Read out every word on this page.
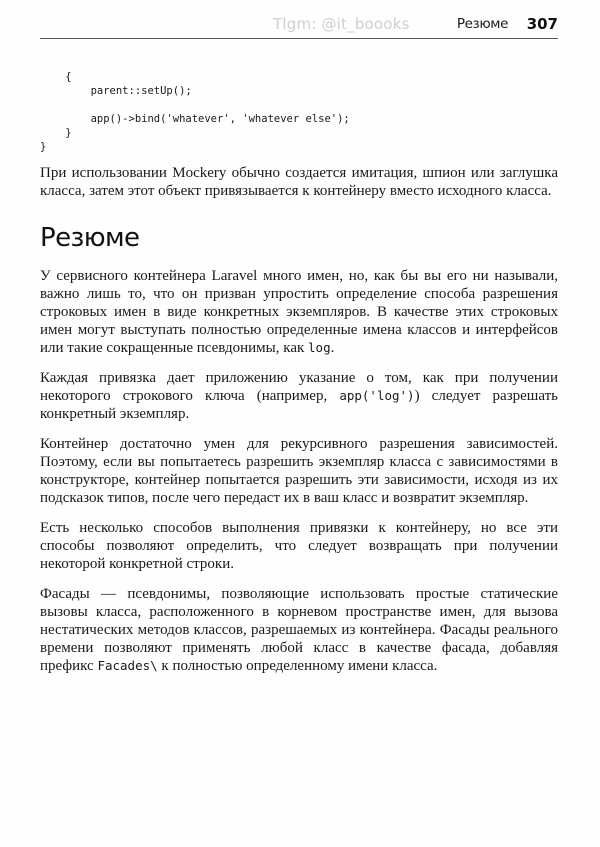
Tlgm: @it_boooks	Резюме 307
{
parent::setUp();
app()->bind('whatever', 'whatever else');
}
}

При использовании Mockery обычно создается имитация, шпион или заглушка класса, затем этот объект привязывается к контейнеру вместо исходного класса.

Резюме

У сервисного контейнера Laravel много имен, но, как бы вы его ни называли, важно лишь то, что он призван упростить определение способа разрешения строковых имен в виде конкретных экземпляров. В качестве этих строковых имен могут выступать полностью определенные имена классов и интерфейсов или такие сокращенные псевдонимы, как log.

Каждая привязка дает приложению указание о том, как при получении некоторого строкового ключа (например, app('log')) следует разрешать конкретный экземпляр.

Контейнер достаточно умен для рекурсивного разрешения зависимостей. Поэтому, если вы попытаетесь разрешить экземпляр класса с зависимостями в конструкторе, контейнер попытается разрешить эти зависимости, исходя из их подсказок типов, после чего передаст их в ваш класс и возвратит экземпляр.

Есть несколько способов выполнения привязки к контейнеру, но все эти способы позволяют определить, что следует возвращать при получении некоторой конкретной строки.

Фасады — псевдонимы, позволяющие использовать простые статические вызовы класса, расположенного в корневом пространстве имен, для вызова нестатических методов классов, разрешаемых из контейнера. Фасады реального времени позволяют применять любой класс в качестве фасада, добавляя префикс Facades\ к полностью определенному имени класса.
